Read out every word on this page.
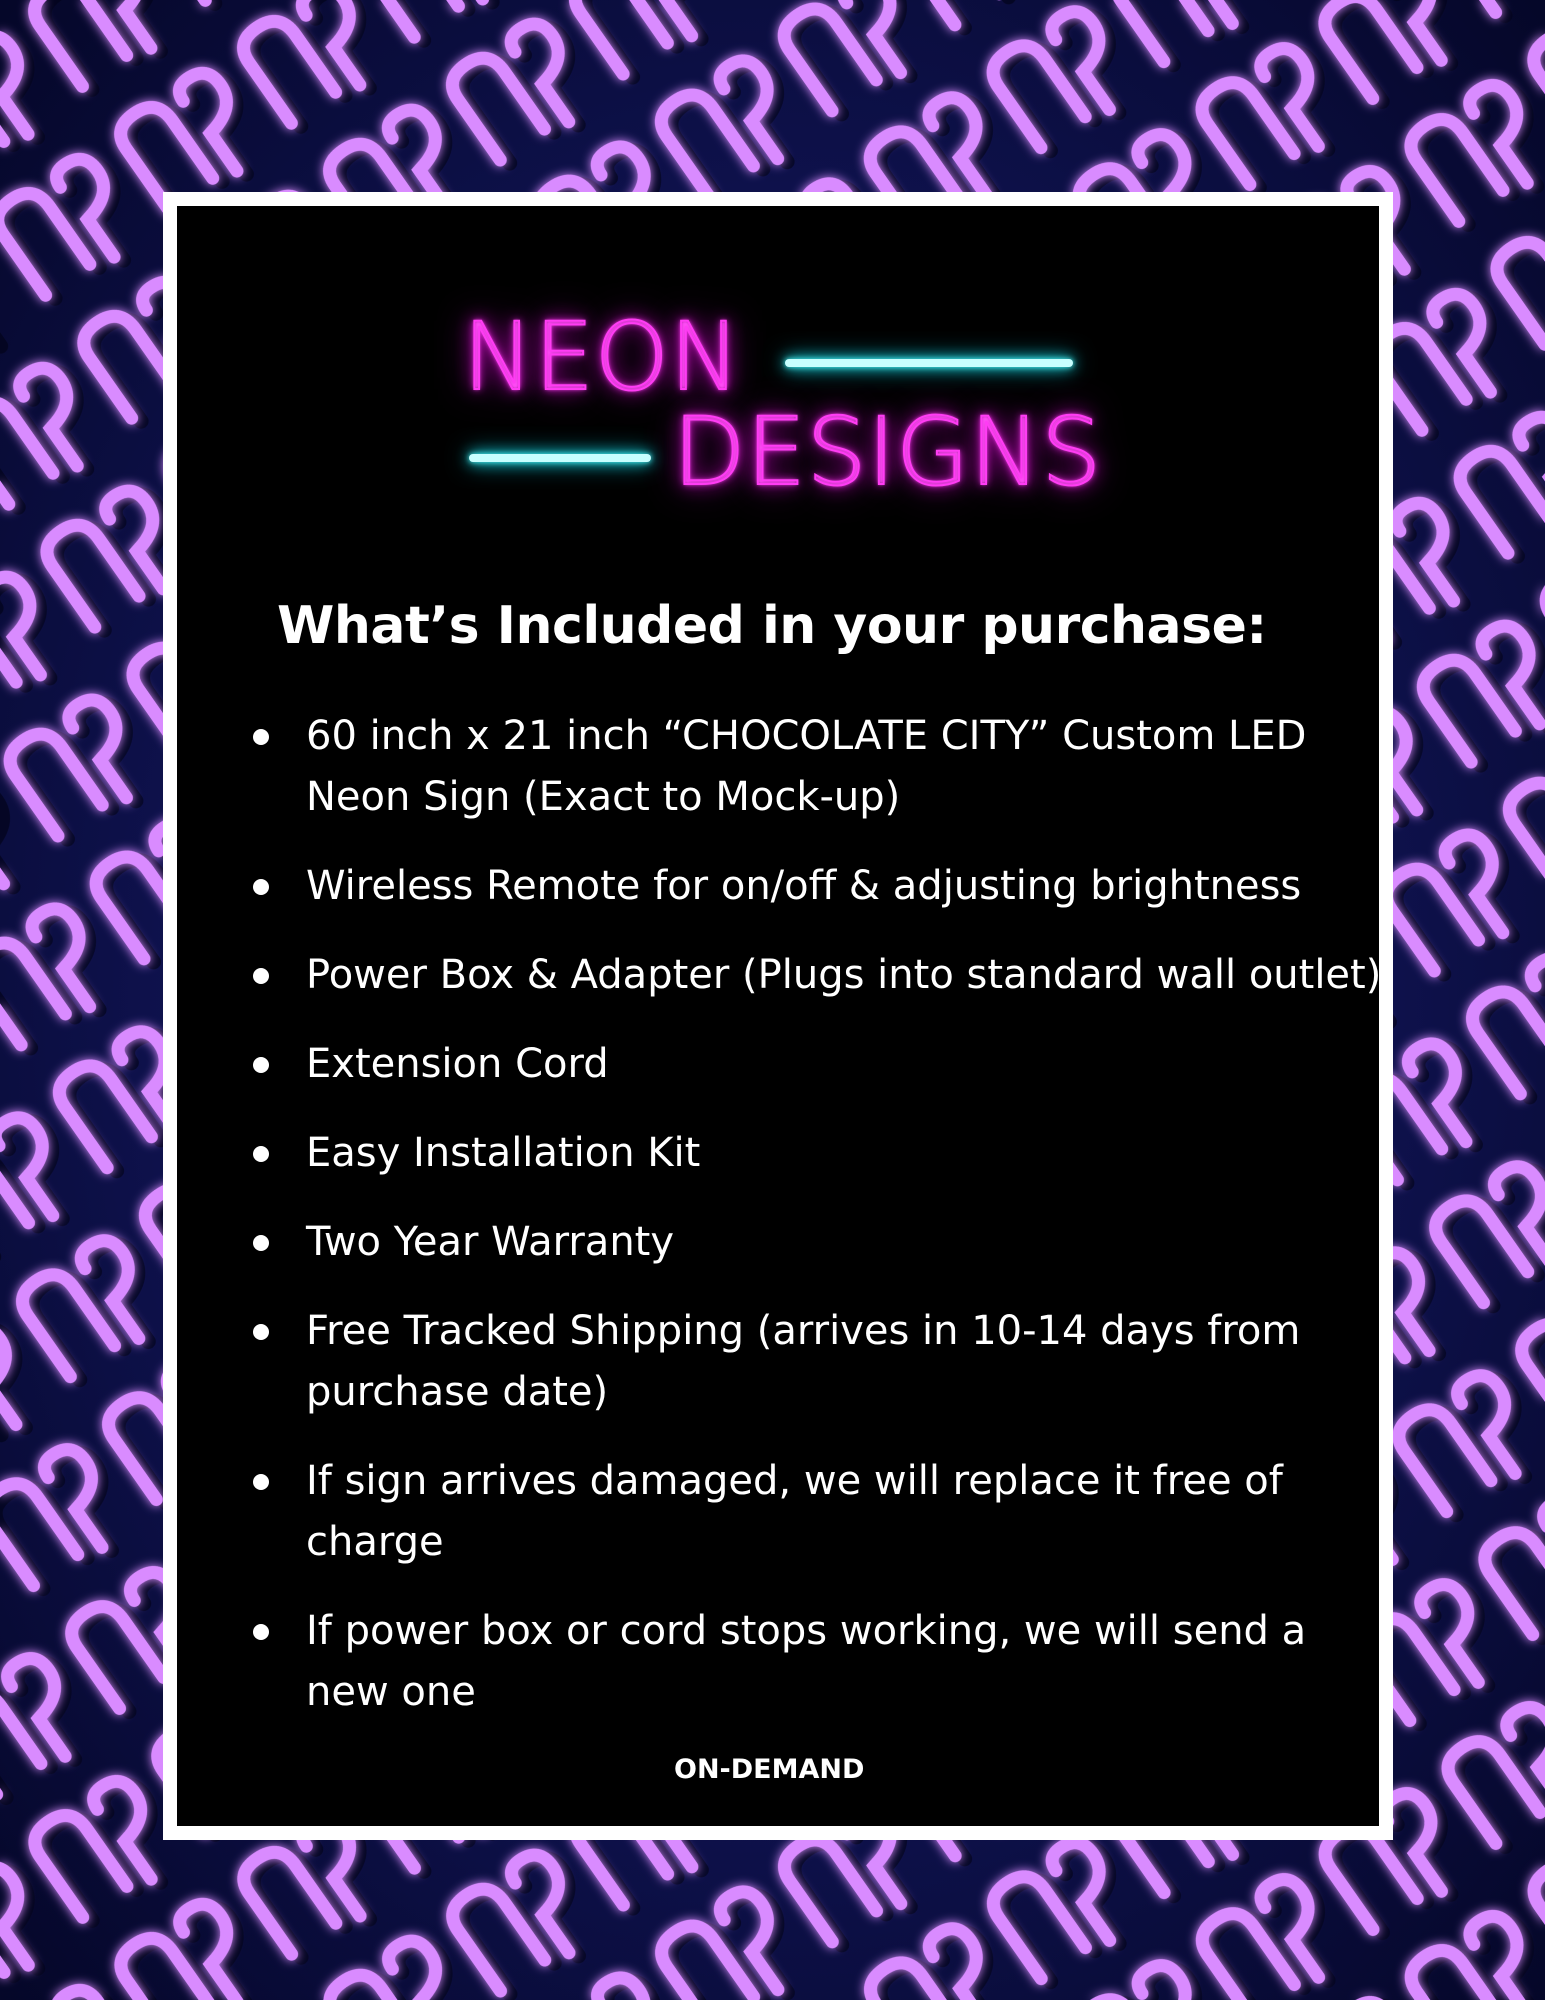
NEON
DESIGNS
What’s Included in your purchase:
60 inch x 21 inch “CHOCOLATE CITY” Custom LED Neon Sign (Exact to Mock-up)
Wireless Remote for on/off & adjusting brightness
Power Box & Adapter (Plugs into standard wall outlet)
Extension Cord
Easy Installation Kit
Two Year Warranty
Free Tracked Shipping (arrives in 10-14 days from purchase date)
If sign arrives damaged, we will replace it free of charge
If power box or cord stops working, we will send a new one
ON-DEMAND
